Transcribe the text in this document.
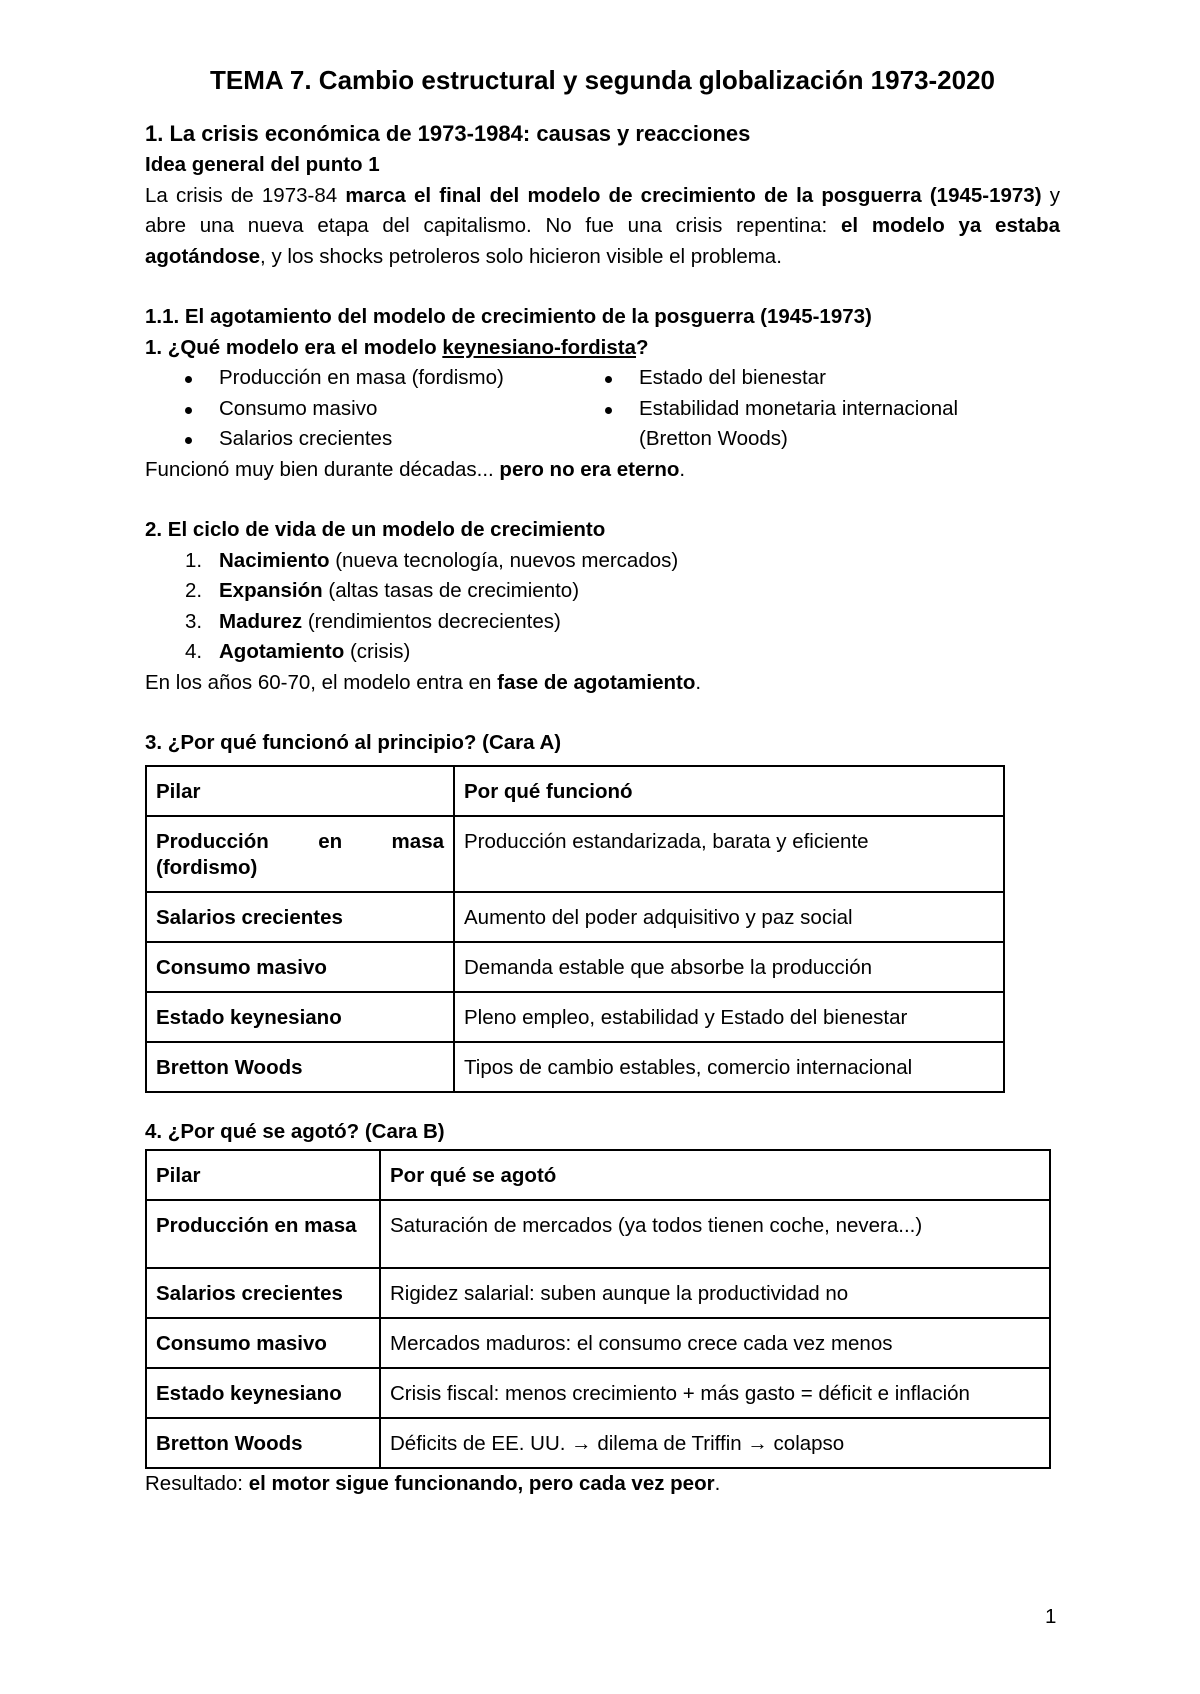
TEMA 7. Cambio estructural y segunda globalización 1973-2020

1. La crisis económica de 1973-1984: causas y reacciones

Idea general del punto 1

La crisis de 1973-84 marca el final del modelo de crecimiento de la posguerra (1945-1973) y abre una nueva etapa del capitalismo. No fue una crisis repentina: el modelo ya estaba agotándose, y los shocks petroleros solo hicieron visible el problema.

1.1. El agotamiento del modelo de crecimiento de la posguerra (1945-1973)

1. ¿Qué modelo era el modelo keynesiano-fordista?

Producción en masa (fordismo)
Consumo masivo
Salarios crecientes
Estado del bienestar
Estabilidad monetaria internacional
(Bretton Woods)

Funcionó muy bien durante décadas... pero no era eterno.

2. El ciclo de vida de un modelo de crecimiento

1. Nacimiento (nueva tecnología, nuevos mercados)
2. Expansión (altas tasas de crecimiento)
3. Madurez (rendimientos decrecientes)
4. Agotamiento (crisis)

En los años 60-70, el modelo entra en fase de agotamiento.

3. ¿Por qué funcionó al principio? (Cara A)

Pilar	Por qué funcionó
Producción en masa (fordismo)	Producción estandarizada, barata y eficiente
Salarios crecientes	Aumento del poder adquisitivo y paz social
Consumo masivo	Demanda estable que absorbe la producción
Estado keynesiano	Pleno empleo, estabilidad y Estado del bienestar
Bretton Woods	Tipos de cambio estables, comercio internacional

4. ¿Por qué se agotó? (Cara B)

Pilar	Por qué se agotó
Producción en masa	Saturación de mercados (ya todos tienen coche, nevera...)
Salarios crecientes	Rigidez salarial: suben aunque la productividad no
Consumo masivo	Mercados maduros: el consumo crece cada vez menos
Estado keynesiano	Crisis fiscal: menos crecimiento + más gasto = déficit e inflación
Bretton Woods	Déficits de EE. UU. → dilema de Triffin → colapso

Resultado: el motor sigue funcionando, pero cada vez peor.

1
